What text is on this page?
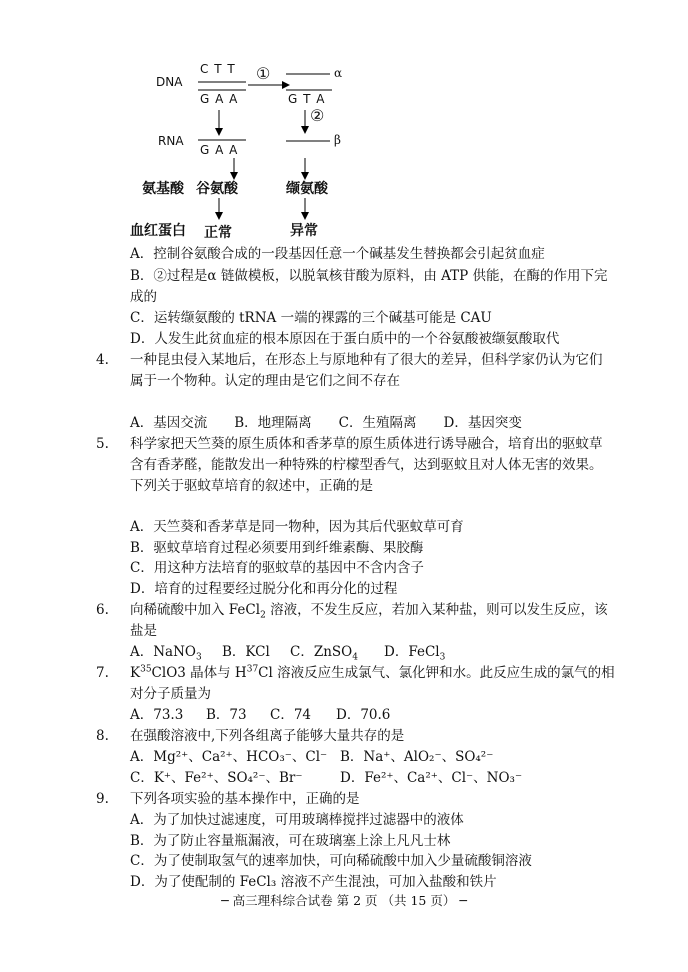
DNA
C T T
G A A
①	α
G T A
②
RNA
G A A
β
氨基酸 谷氨酸	缬氨酸
血红蛋白 正常	异常
A．控制谷氨酸合成的一段基因任意一个碱基发生替换都会引起贫血症
B．②过程是α 链做模板，以脱氧核苷酸为原料，由 ATP 供能，在酶的作用下完
成的
C．运转缬氨酸的 tRNA 一端的裸露的三个碱基可能是 CAU
D．人发生此贫血症的根本原因在于蛋白质中的一个谷氨酸被缬氨酸取代
4. 一种昆虫侵入某地后，在形态上与原地种有了很大的差异，但科学家仍认为它们
属于一个物种。认定的理由是它们之间不存在
A．基因交流　　B．地理隔离　　C．生殖隔离　　D．基因突变
5. 科学家把天竺葵的原生质体和香茅草的原生质体进行诱导融合，培育出的驱蚊草
含有香茅醛，能散发出一种特殊的柠檬型香气，达到驱蚊且对人体无害的效果。
下列关于驱蚊草培育的叙述中，正确的是
A．天竺葵和香茅草是同一物种，因为其后代驱蚊草可育
B．驱蚊草培育过程必须要用到纤维素酶、果胶酶
C．用这种方法培育的驱蚊草的基因中不含内含子
D．培育的过程要经过脱分化和再分化的过程
6. 向稀硫酸中加入 FeCl$_2$ 溶液，不发生反应，若加入某种盐，则可以发生反应，该
盐是
A．NaNO$_3$ B．KCl C．ZnSO$_4$ D．FeCl$_3$
7. $K^{35}ClO3$ 晶体与 $H^{37}Cl$ 溶液反应生成氯气、氯化钾和水。此反应生成的氯气的相
对分子质量为
A．73.3 B．73 C．74 D．70.6
8. 在强酸溶液中,下列各组离子能够大量共存的是
A．Mg²⁺、Ca²⁺、HCO₃⁻、Cl⁻ B．Na⁺、AlO₂⁻、SO₄²⁻
C．K⁺、Fe²⁺、SO₄²⁻、Br⁻	D．Fe²⁺、Ca²⁺、Cl⁻、NO₃⁻
9. 下列各项实验的基本操作中，正确的是
A．为了加快过滤速度，可用玻璃棒搅拌过滤器中的液体
B．为了防止容量瓶漏液，可在玻璃塞上涂上凡凡士林
C．为了使制取氢气的速率加快，可向稀硫酸中加入少量硫酸铜溶液
D．为了使配制的 FeCl₃ 溶液不产生混浊，可加入盐酸和铁片
─ 高三理科综合试卷 第 2 页 （共 15 页） ─
